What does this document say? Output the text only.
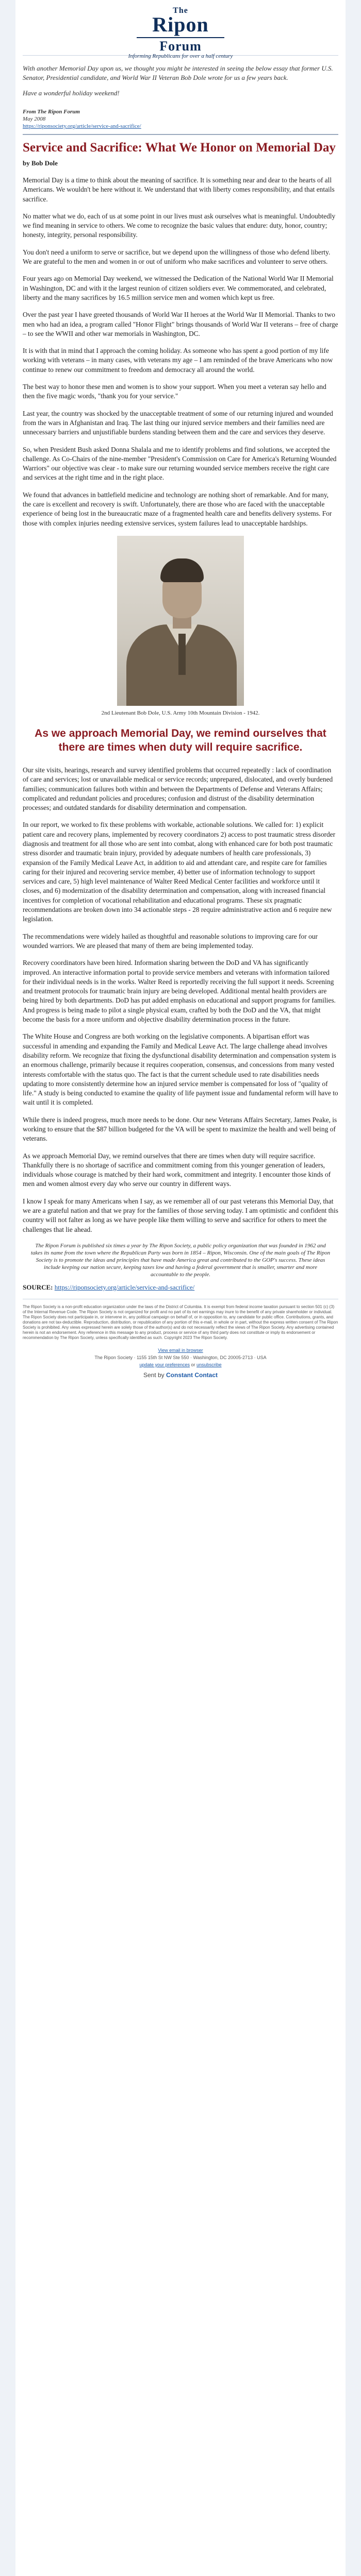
The
Ripon
Forum
Informing Republicans for over a half century

With another Memorial Day upon us, we thought you might be interested in seeing the below essay that former U.S. Senator, Presidential candidate, and World War II Veteran Bob Dole wrote for us a few years back.

Have a wonderful holiday weekend!

From The Ripon Forum
May 2008
https://riponsociety.org/article/service-and-sacrifice/
Service and Sacrifice: What We Honor on Memorial Day
by Bob Dole

Memorial Day is a time to think about the meaning of sacrifice. It is something near and dear to the hearts of all Americans. We wouldn't be here without it. We understand that with liberty comes responsibility, and that entails sacrifice.

No matter what we do, each of us at some point in our lives must ask ourselves what is meaningful. Undoubtedly we find meaning in service to others. We come to recognize the basic values that endure: duty, honor, country; honesty, integrity, personal responsibility.

You don't need a uniform to serve or sacrifice, but we depend upon the willingness of those who defend liberty. We are grateful to the men and women in or out of uniform who make sacrifices and volunteer to serve others.

Four years ago on Memorial Day weekend, we witnessed the Dedication of the National World War II Memorial in Washington, DC and with it the largest reunion of citizen soldiers ever. We commemorated, and celebrated, liberty and the many sacrifices by 16.5 million service men and women which kept us free.

Over the past year I have greeted thousands of World War II heroes at the World War II Memorial. Thanks to two men who had an idea, a program called "Honor Flight" brings thousands of World War II veterans – free of charge – to see the WWII and other war memorials in Washington, DC.

It is with that in mind that I approach the coming holiday. As someone who has spent a good portion of my life working with veterans – in many cases, with veterans my age – I am reminded of the brave Americans who now continue to renew our commitment to freedom and democracy all around the world.

The best way to honor these men and women is to show your support. When you meet a veteran say hello and then the five magic words, "thank you for your service."

Last year, the country was shocked by the unacceptable treatment of some of our returning injured and wounded from the wars in Afghanistan and Iraq. The last thing our injured service members and their families need are unnecessary barriers and unjustifiable burdens standing between them and the care and services they deserve.

So, when President Bush asked Donna Shalala and me to identify problems and find solutions, we accepted the challenge. As Co-Chairs of the nine-member "President's Commission on Care for America's Returning Wounded Warriors" our objective was clear - to make sure our returning wounded service members receive the right care and services at the right time and in the right place.

We found that advances in battlefield medicine and technology are nothing short of remarkable. And for many, the care is excellent and recovery is swift. Unfortunately, there are those who are faced with the unacceptable experience of being lost in the bureaucratic maze of a fragmented health care and benefits delivery systems. For those with complex injuries needing extensive services, system failures lead to unacceptable hardships.

2nd Lieutenant Bob Dole, U.S. Army 10th Mountain Division - 1942.
As we approach Memorial Day, we remind ourselves that there are times when duty will require sacrifice.

Our site visits, hearings, research and survey identified problems that occurred repeatedly : lack of coordination of care and services; lost or unavailable medical or service records; unprepared, dislocated, and overly burdened families; communication failures both within and between the Departments of Defense and Veterans Affairs; complicated and redundant policies and procedures; confusion and distrust of the disability determination processes; and outdated standards for disability determination and compensation.

In our report, we worked to fix these problems with workable, actionable solutions. We called for: 1) explicit patient care and recovery plans, implemented by recovery coordinators 2) access to post traumatic stress disorder diagnosis and treatment for all those who are sent into combat, along with enhanced care for both post traumatic stress disorder and traumatic brain injury, provided by adequate numbers of health care professionals, 3) expansion of the Family Medical Leave Act, in addition to aid and attendant care, and respite care for families caring for their injured and recovering service member, 4) better use of information technology to support services and care, 5) high level maintenance of Walter Reed Medical Center facilities and workforce until it closes, and 6) modernization of the disability determination and compensation, along with increased financial incentives for completion of vocational rehabilitation and educational programs. These six pragmatic recommendations are broken down into 34 actionable steps - 28 require administrative action and 6 require new legislation.

The recommendations were widely hailed as thoughtful and reasonable solutions to improving care for our wounded warriors. We are pleased that many of them are being implemented today.

Recovery coordinators have been hired. Information sharing between the DoD and VA has significantly improved. An interactive information portal to provide service members and veterans with information tailored for their individual needs is in the works. Walter Reed is reportedly receiving the full support it needs. Screening and treatment protocols for traumatic brain injury are being developed. Additional mental health providers are being hired by both departments. DoD has put added emphasis on educational and support programs for families. And progress is being made to pilot a single physical exam, crafted by both the DoD and the VA, that might become the basis for a more uniform and objective disability determination process in the future.

The White House and Congress are both working on the legislative components. A bipartisan effort was successful in amending and expanding the Family and Medical Leave Act. The large challenge ahead involves disability reform. We recognize that fixing the dysfunctional disability determination and compensation system is an enormous challenge, primarily because it requires cooperation, consensus, and concessions from many vested interests comfortable with the status quo. The fact is that the current schedule used to rate disabilities needs updating to more consistently determine how an injured service member is compensated for loss of "quality of life." A study is being conducted to examine the quality of life payment issue and fundamental reform will have to wait until it is completed.

While there is indeed progress, much more needs to be done. Our new Veterans Affairs Secretary, James Peake, is working to ensure that the $87 billion budgeted for the VA will be spent to maximize the health and well being of veterans.

As we approach Memorial Day, we remind ourselves that there are times when duty will require sacrifice. Thankfully there is no shortage of sacrifice and commitment coming from this younger generation of leaders, individuals whose courage is matched by their hard work, commitment and integrity. I encounter those kinds of men and women almost every day who serve our country in different ways.

I know I speak for many Americans when I say, as we remember all of our past veterans this Memorial Day, that we are a grateful nation and that we pray for the families of those serving today. I am optimistic and confident this country will not falter as long as we have people like them willing to serve and sacrifice for others to meet the challenges that lie ahead.

The Ripon Forum is published six times a year by The Ripon Society, a public policy organization that was founded in 1962 and takes its name from the town where the Republican Party was born in 1854 – Ripon, Wisconsin. One of the main goals of The Ripon Society is to promote the ideas and principles that have made America great and contributed to the GOP's success. These ideas include keeping our nation secure, keeping taxes low and having a federal government that is smaller, smarter and more accountable to the people.
SOURCE: https://riponsociety.org/article/service-and-sacrifice/
The Ripon Society is a non-profit education organization under the laws of the District of Columbia. It is exempt from federal income taxation pursuant to section 501 (c) (3) of the Internal Revenue Code. The Ripon Society is not organized for profit and no part of its net earnings may inure to the benefit of any private shareholder or individual. The Ripon Society does not participate in, or intervene in, any political campaign on behalf of, or in opposition to, any candidate for public office. Contributions, grants, and donations are not tax-deductible. Reproduction, distribution, or republication of any portion of this e-mail, in whole or in part, without the express written consent of The Ripon Society is prohibited. Any views expressed herein are solely those of the author(s) and do not necessarily reflect the views of The Ripon Society. Any advertising contained herein is not an endorsement. Any reference in this message to any product, process or service of any third party does not constitute or imply its endorsement or recommendation by The Ripon Society, unless specifically identified as such. Copyright 2023 The Ripon Society.
View email in browser
The Ripon Society · 1155 15th St NW Ste 550 · Washington, DC 20005-2713 · USA
update your preferences or unsubscribe
Sent by Constant Contact
